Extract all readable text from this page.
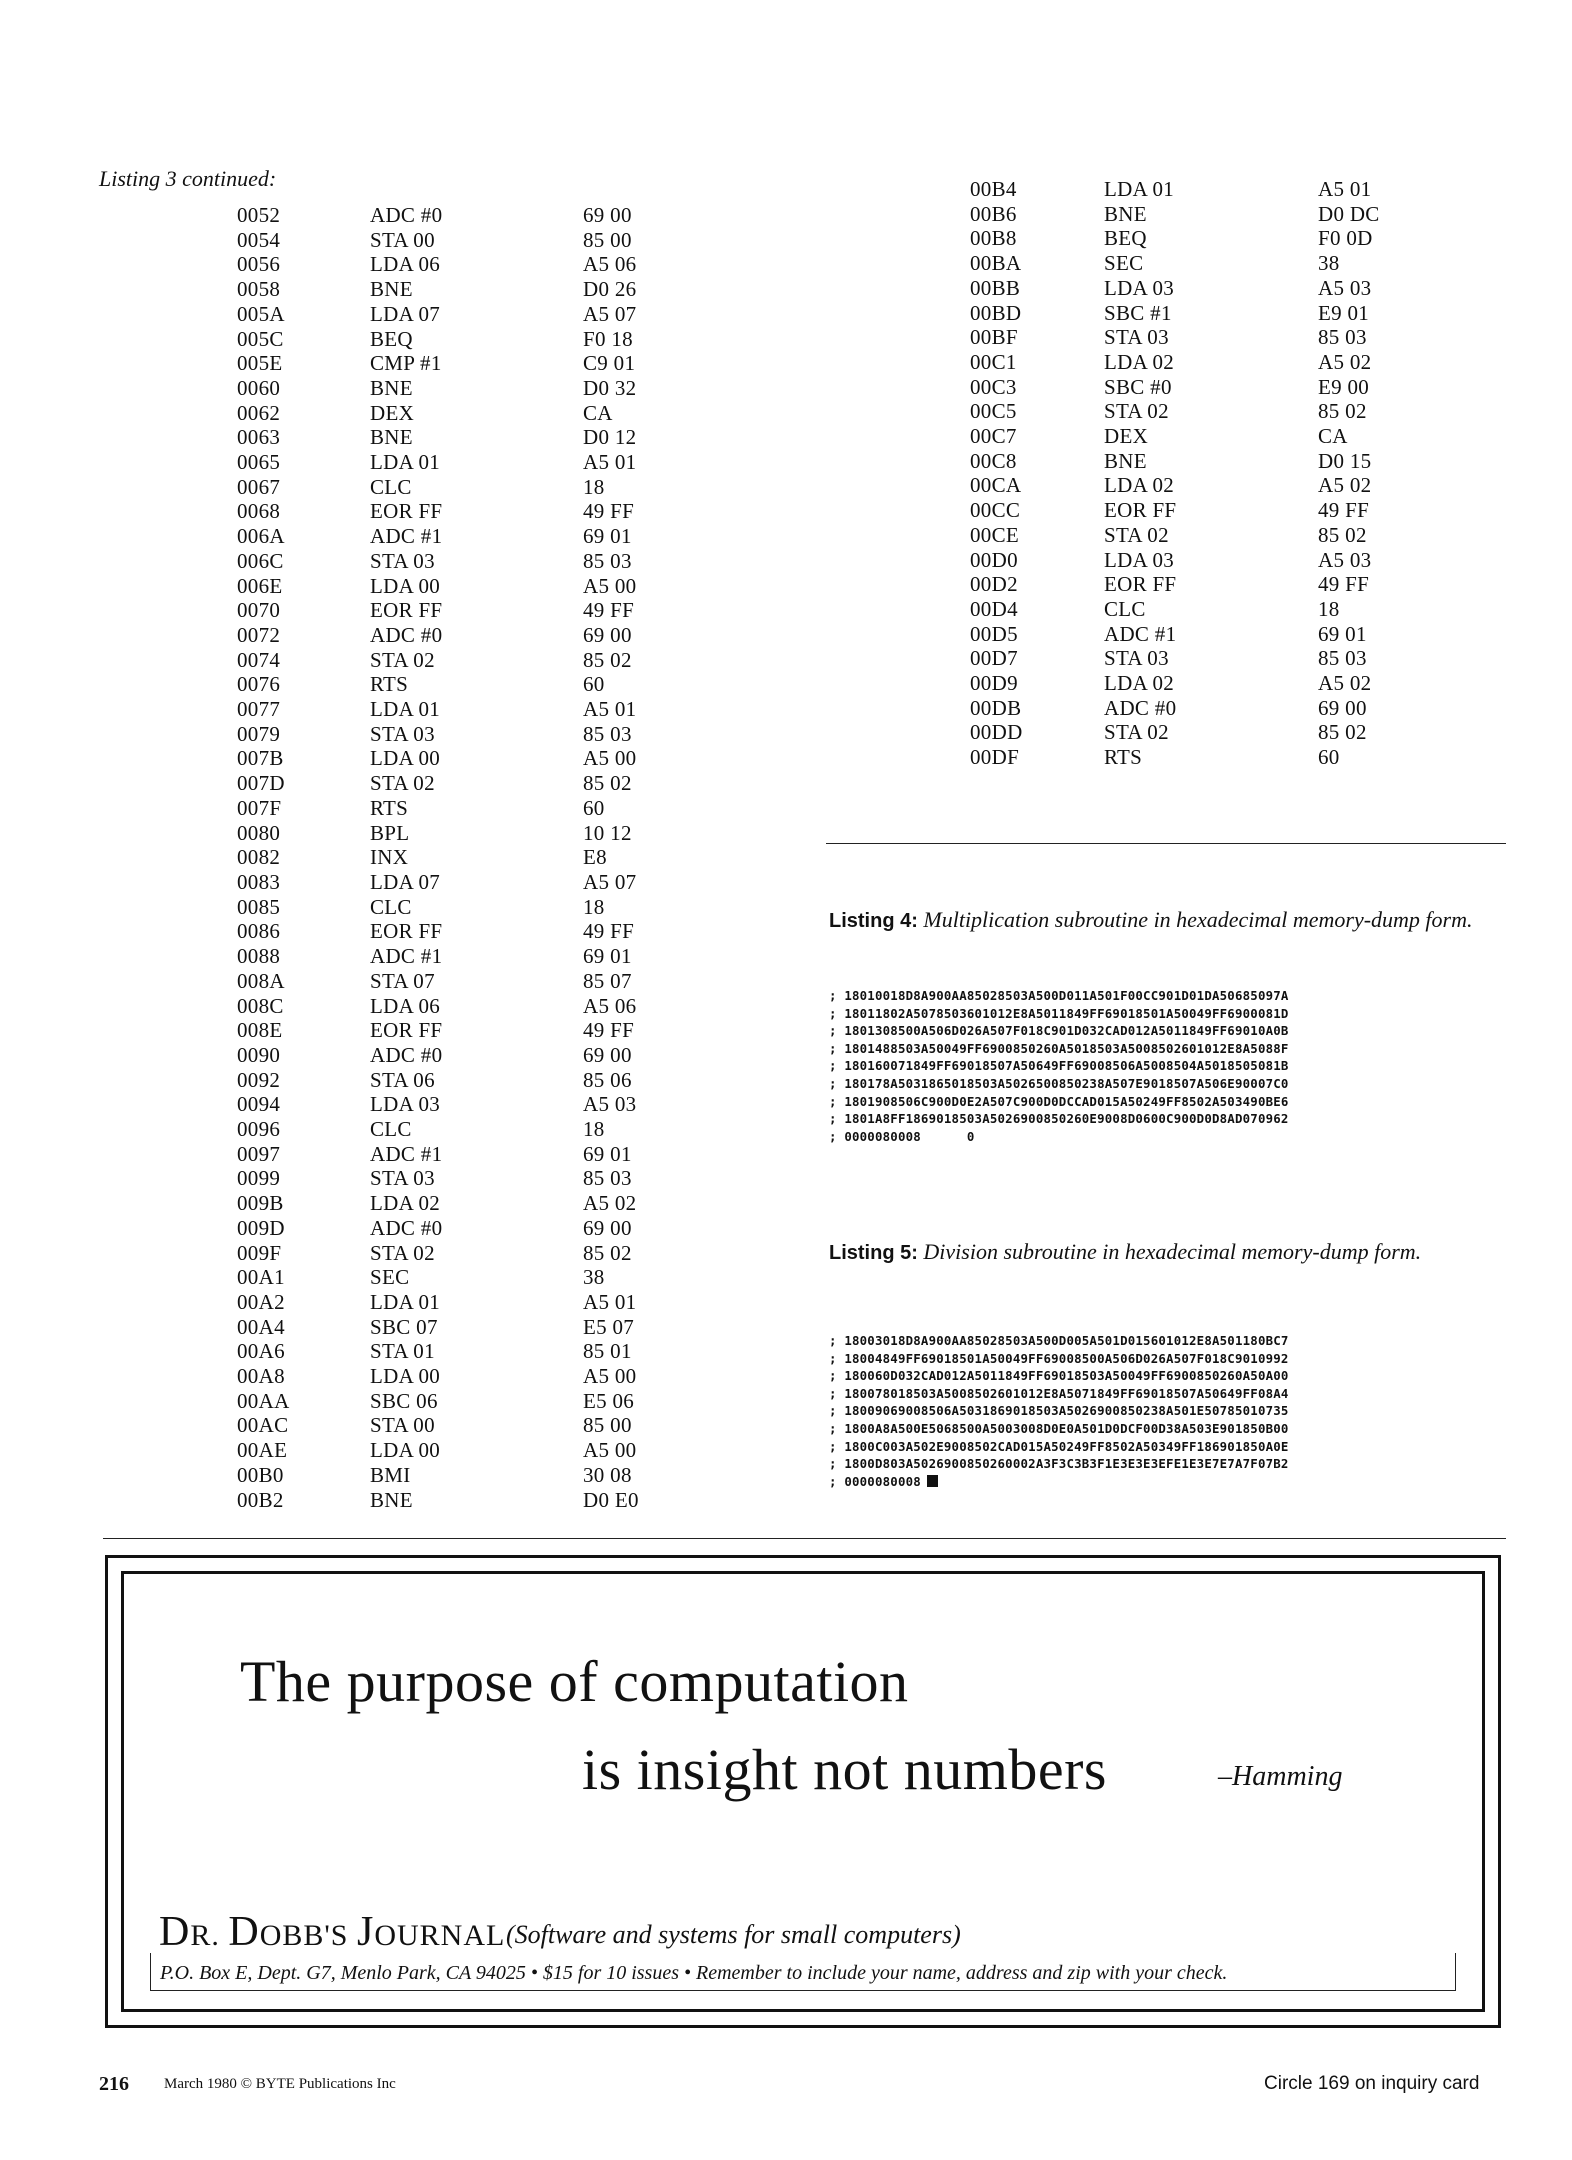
Listing 3 continued:
0052	ADC #0	69 00
0054	STA 00	85 00
0056	LDA 06	A5 06
0058	BNE	D0 26
005A	LDA 07	A5 07
005C	BEQ	F0 18
005E	CMP #1	C9 01
0060	BNE	D0 32
0062	DEX	CA
0063	BNE	D0 12
0065	LDA 01	A5 01
0067	CLC	18
0068	EOR FF	49 FF
006A	ADC #1	69 01
006C	STA 03	85 03
006E	LDA 00	A5 00
0070	EOR FF	49 FF
0072	ADC #0	69 00
0074	STA 02	85 02
0076	RTS	60
0077	LDA 01	A5 01
0079	STA 03	85 03
007B	LDA 00	A5 00
007D	STA 02	85 02
007F	RTS	60
0080	BPL	10 12
0082	INX	E8
0083	LDA 07	A5 07
0085	CLC	18
0086	EOR FF	49 FF
0088	ADC #1	69 01
008A	STA 07	85 07
008C	LDA 06	A5 06
008E	EOR FF	49 FF
0090	ADC #0	69 00
0092	STA 06	85 06
0094	LDA 03	A5 03
0096	CLC	18
0097	ADC #1	69 01
0099	STA 03	85 03
009B	LDA 02	A5 02
009D	ADC #0	69 00
009F	STA 02	85 02
00A1	SEC	38
00A2	LDA 01	A5 01
00A4	SBC 07	E5 07
00A6	STA 01	85 01
00A8	LDA 00	A5 00
00AA	SBC 06	E5 06
00AC	STA 00	85 00
00AE	LDA 00	A5 00
00B0	BMI	30 08
00B2	BNE	D0 E0
00B4	LDA 01	A5 01
00B6	BNE	D0 DC
00B8	BEQ	F0 0D
00BA	SEC	38
00BB	LDA 03	A5 03
00BD	SBC #1	E9 01
00BF	STA 03	85 03
00C1	LDA 02	A5 02
00C3	SBC #0	E9 00
00C5	STA 02	85 02
00C7	DEX	CA
00C8	BNE	D0 15
00CA	LDA 02	A5 02
00CC	EOR FF	49 FF
00CE	STA 02	85 02
00D0	LDA 03	A5 03
00D2	EOR FF	49 FF
00D4	CLC	18
00D5	ADC #1	69 01
00D7	STA 03	85 03
00D9	LDA 02	A5 02
00DB	ADC #0	69 00
00DD	STA 02	85 02
00DF	RTS	60
Listing 4: Multiplication subroutine in hexadecimal memory-dump form.
; 18010018D8A900AA85028503A500D011A501F00CC901D01DA50685097A
; 18011802A5078503601012E8A5011849FF69018501A50049FF6900081D
; 1801308500A506D026A507F018C901D032CAD012A5011849FF69010A0B
; 1801488503A50049FF6900850260A5018503A5008502601012E8A5088F
; 180160071849FF69018507A50649FF69008506A5008504A5018505081B
; 180178A5031865018503A5026500850238A507E9018507A506E90007C0
; 1801908506C900D0E2A507C900D0DCCAD015A50249FF8502A503490BE6
; 1801A8FF1869018503A5026900850260E9008D0600C900D0D8AD070962
; 0000080008      0
Listing 5: Division subroutine in hexadecimal memory-dump form.
; 18003018D8A900AA85028503A500D005A501D015601012E8A501180BC7
; 18004849FF69018501A50049FF69008500A506D026A507F018C9010992
; 180060D032CAD012A5011849FF69018503A50049FF6900850260A50A00
; 180078018503A5008502601012E8A5071849FF69018507A50649FF08A4
; 18009069008506A5031869018503A5026900850238A501E50785010735
; 1800A8A500E5068500A5003008D0E0A501D0DCF00D38A503E901850B00
; 1800C003A502E9008502CAD015A50249FF8502A50349FF186901850A0E
; 1800D803A5026900850260002A3F3C3B3F1E3E3E3EFE1E3E7E7A7F07B2
; 0000080008
The purpose of computation
is insight not numbers	–Hamming
DR. DOBB'S JOURNAL (Software and systems for small computers)
P.O. Box E, Dept. G7, Menlo Park, CA 94025 • $15 for 10 issues • Remember to include your name, address and zip with your check.
216 March 1980 © BYTE Publications Inc	Circle 169 on inquiry card
